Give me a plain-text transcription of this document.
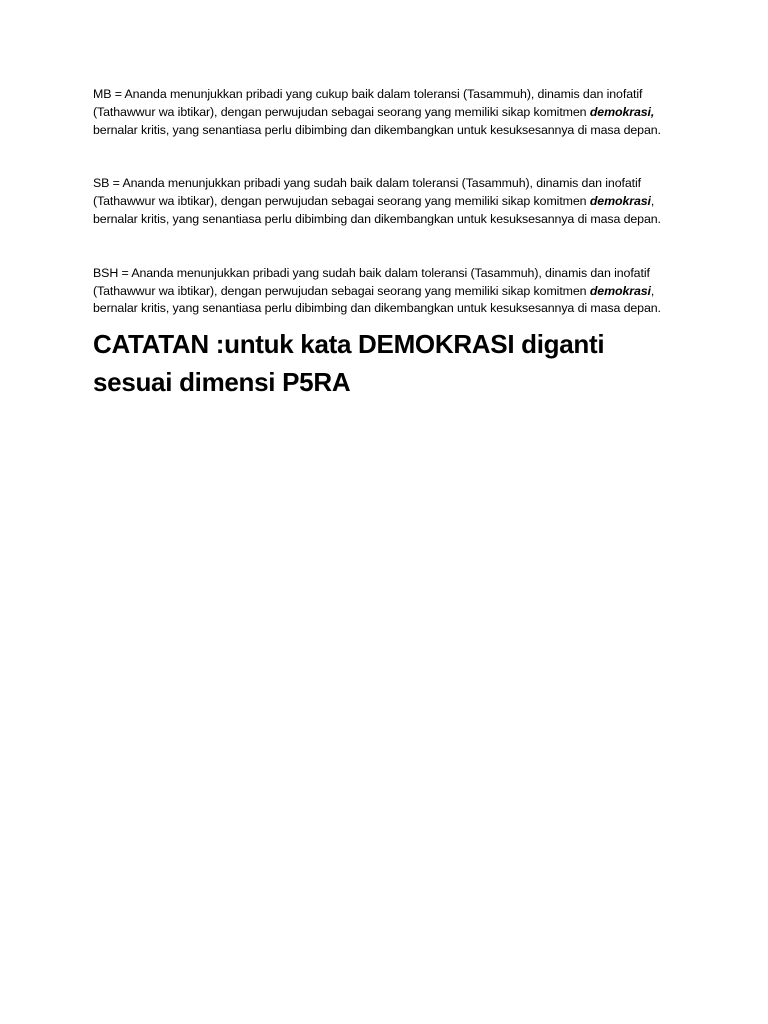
MB = Ananda menunjukkan pribadi yang cukup baik dalam toleransi (Tasammuh), dinamis dan inofatif (Tathawwur wa ibtikar), dengan perwujudan sebagai seorang yang memiliki sikap komitmen demokrasi, bernalar kritis, yang senantiasa perlu dibimbing dan dikembangkan untuk kesuksesannya di masa depan.

SB = Ananda menunjukkan pribadi yang sudah baik dalam toleransi (Tasammuh), dinamis dan inofatif (Tathawwur wa ibtikar), dengan perwujudan sebagai seorang yang memiliki sikap komitmen demokrasi, bernalar kritis, yang senantiasa perlu dibimbing dan dikembangkan untuk kesuksesannya di masa depan.

BSH = Ananda menunjukkan pribadi yang sudah baik dalam toleransi (Tasammuh), dinamis dan inofatif (Tathawwur wa ibtikar), dengan perwujudan sebagai seorang yang memiliki sikap komitmen demokrasi, bernalar kritis, yang senantiasa perlu dibimbing dan dikembangkan untuk kesuksesannya di masa depan.

CATATAN :untuk kata DEMOKRASI diganti sesuai dimensi P5RA
